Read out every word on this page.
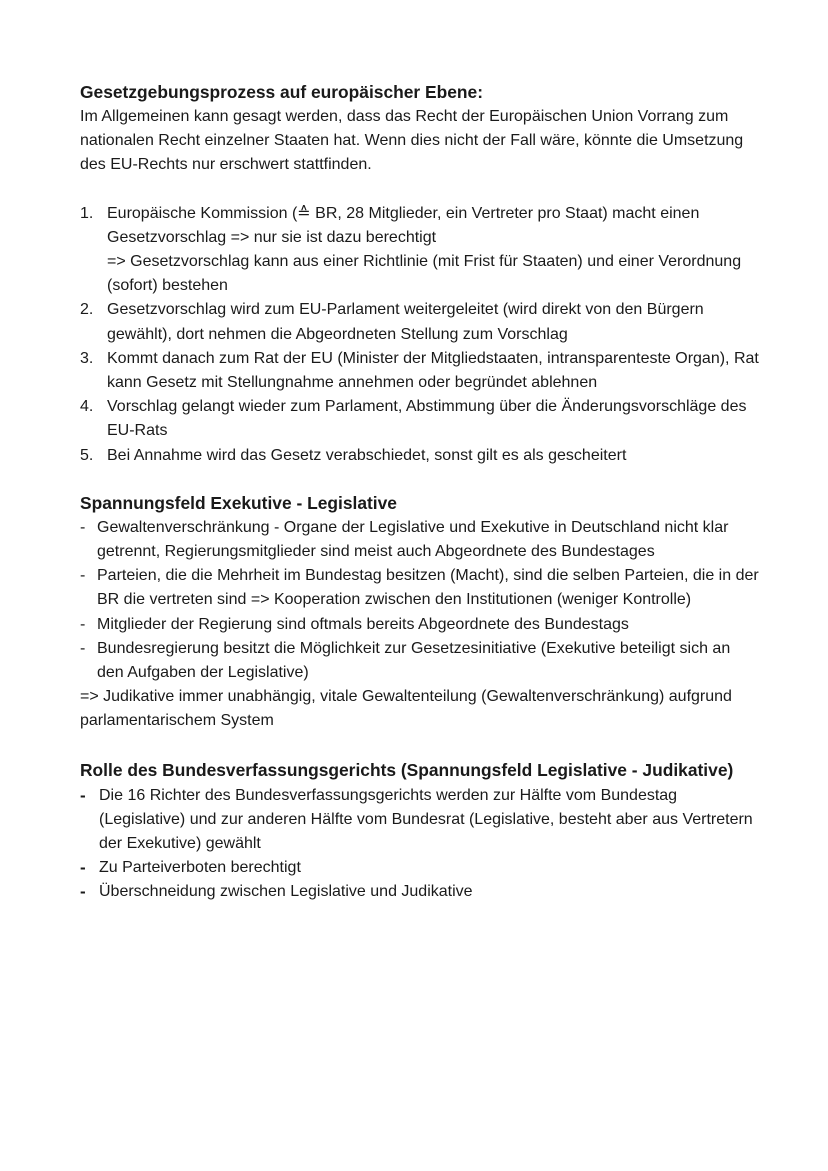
Gesetzgebungsprozess auf europäischer Ebene:

Im Allgemeinen kann gesagt werden, dass das Recht der Europäischen Union Vorrang zum nationalen Recht einzelner Staaten hat. Wenn dies nicht der Fall wäre, könnte die Umsetzung des EU-Rechts nur erschwert stattfinden.

1. Europäische Kommission (≙ BR, 28 Mitglieder, ein Vertreter pro Staat) macht einen Gesetzvorschlag => nur sie ist dazu berechtigt
=> Gesetzvorschlag kann aus einer Richtlinie (mit Frist für Staaten) und einer Verordnung (sofort) bestehen
2. Gesetzvorschlag wird zum EU-Parlament weitergeleitet (wird direkt von den Bürgern gewählt), dort nehmen die Abgeordneten Stellung zum Vorschlag
3. Kommt danach zum Rat der EU (Minister der Mitgliedstaaten, intransparenteste Organ), Rat kann Gesetz mit Stellungnahme annehmen oder begründet ablehnen
4. Vorschlag gelangt wieder zum Parlament, Abstimmung über die Änderungsvorschläge des EU-Rats
5. Bei Annahme wird das Gesetz verabschiedet, sonst gilt es als gescheitert
Spannungsfeld Exekutive - Legislative
- Gewaltenverschränkung - Organe der Legislative und Exekutive in Deutschland nicht klar getrennt, Regierungsmitglieder sind meist auch Abgeordnete des Bundestages
- Parteien, die die Mehrheit im Bundestag besitzen (Macht), sind die selben Parteien, die in der BR die vertreten sind => Kooperation zwischen den Institutionen (weniger Kontrolle)
- Mitglieder der Regierung sind oftmals bereits Abgeordnete des Bundestags
- Bundesregierung besitzt die Möglichkeit zur Gesetzesinitiative (Exekutive beteiligt sich an den Aufgaben der Legislative)

=> Judikative immer unabhängig, vitale Gewaltenteilung (Gewaltenverschränkung) aufgrund parlamentarischem System

Rolle des Bundesverfassungsgerichts (Spannungsfeld Legislative - Judikative)
- Die 16 Richter des Bundesverfassungsgerichts werden zur Hälfte vom Bundestag (Legislative) und zur anderen Hälfte vom Bundesrat (Legislative, besteht aber aus Vertretern der Exekutive) gewählt
- Zu Parteiverboten berechtigt
- Überschneidung zwischen Legislative und Judikative
